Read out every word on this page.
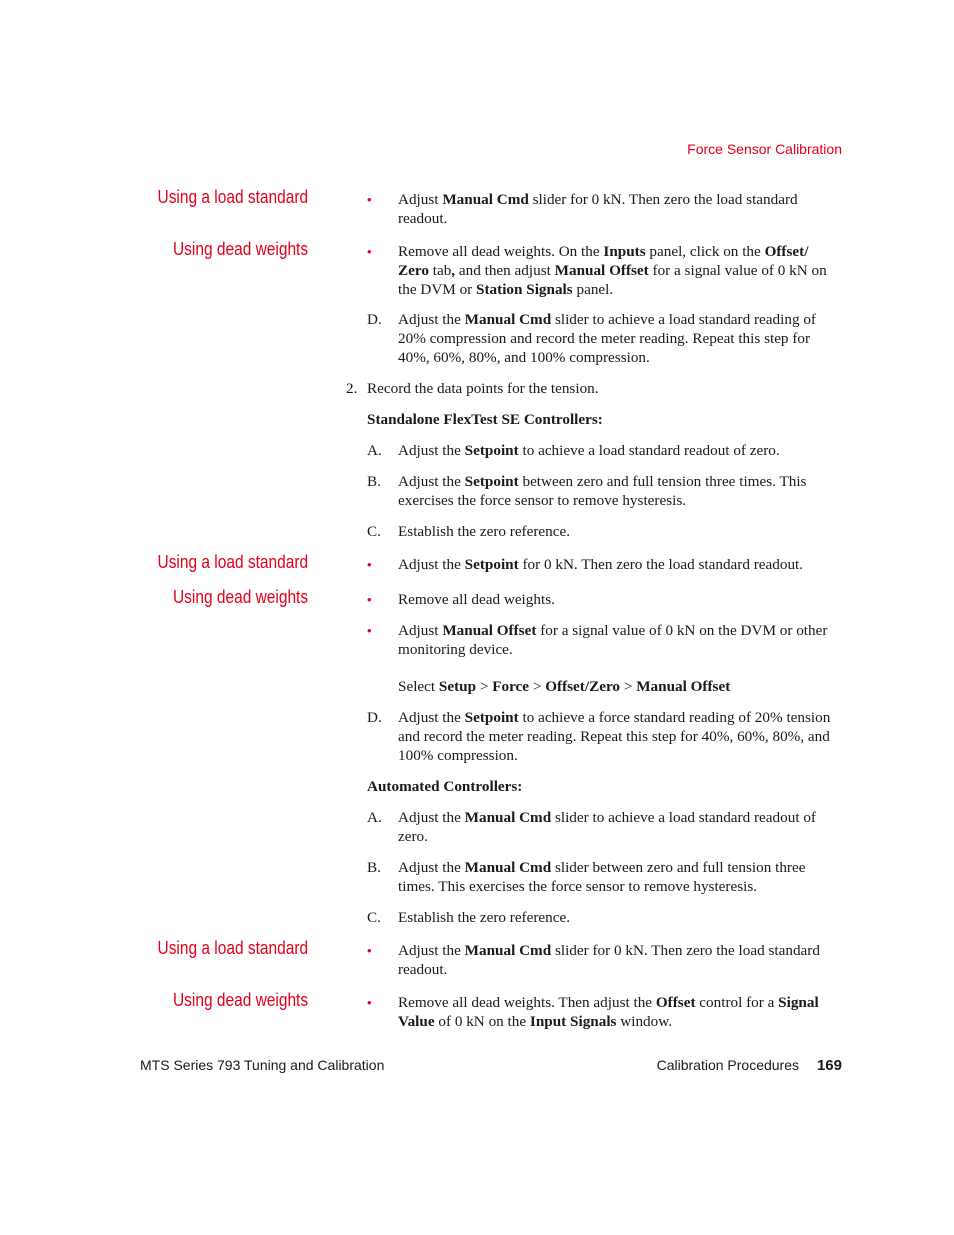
Force Sensor Calibration
Using a load standard
Using dead weights
Using a load standard
Using dead weights
Using a load standard
Using dead weights
• Adjust Manual Cmd slider for 0 kN. Then zero the load standard readout.
• Remove all dead weights. On the Inputs panel, click on the Offset/ Zero tab, and then adjust Manual Offset for a signal value of 0 kN on the DVM or Station Signals panel.
D. Adjust the Manual Cmd slider to achieve a load standard reading of 20% compression and record the meter reading. Repeat this step for 40%, 60%, 80%, and 100% compression.
2. Record the data points for the tension.
Standalone FlexTest SE Controllers:
A. Adjust the Setpoint to achieve a load standard readout of zero.
B. Adjust the Setpoint between zero and full tension three times. This exercises the force sensor to remove hysteresis.
C. Establish the zero reference.
• Adjust the Setpoint for 0 kN. Then zero the load standard readout.
• Remove all dead weights.
• Adjust Manual Offset for a signal value of 0 kN on the DVM or other monitoring device.
Select Setup > Force > Offset/Zero > Manual Offset
D. Adjust the Setpoint to achieve a force standard reading of 20% tension and record the meter reading. Repeat this step for 40%, 60%, 80%, and 100% compression.
Automated Controllers:
A. Adjust the Manual Cmd slider to achieve a load standard readout of zero.
B. Adjust the Manual Cmd slider between zero and full tension three times. This exercises the force sensor to remove hysteresis.
C. Establish the zero reference.
• Adjust the Manual Cmd slider for 0 kN. Then zero the load standard readout.
• Remove all dead weights. Then adjust the Offset control for a Signal Value of 0 kN on the Input Signals window.
MTS Series 793 Tuning and Calibration	Calibration Procedures 169
